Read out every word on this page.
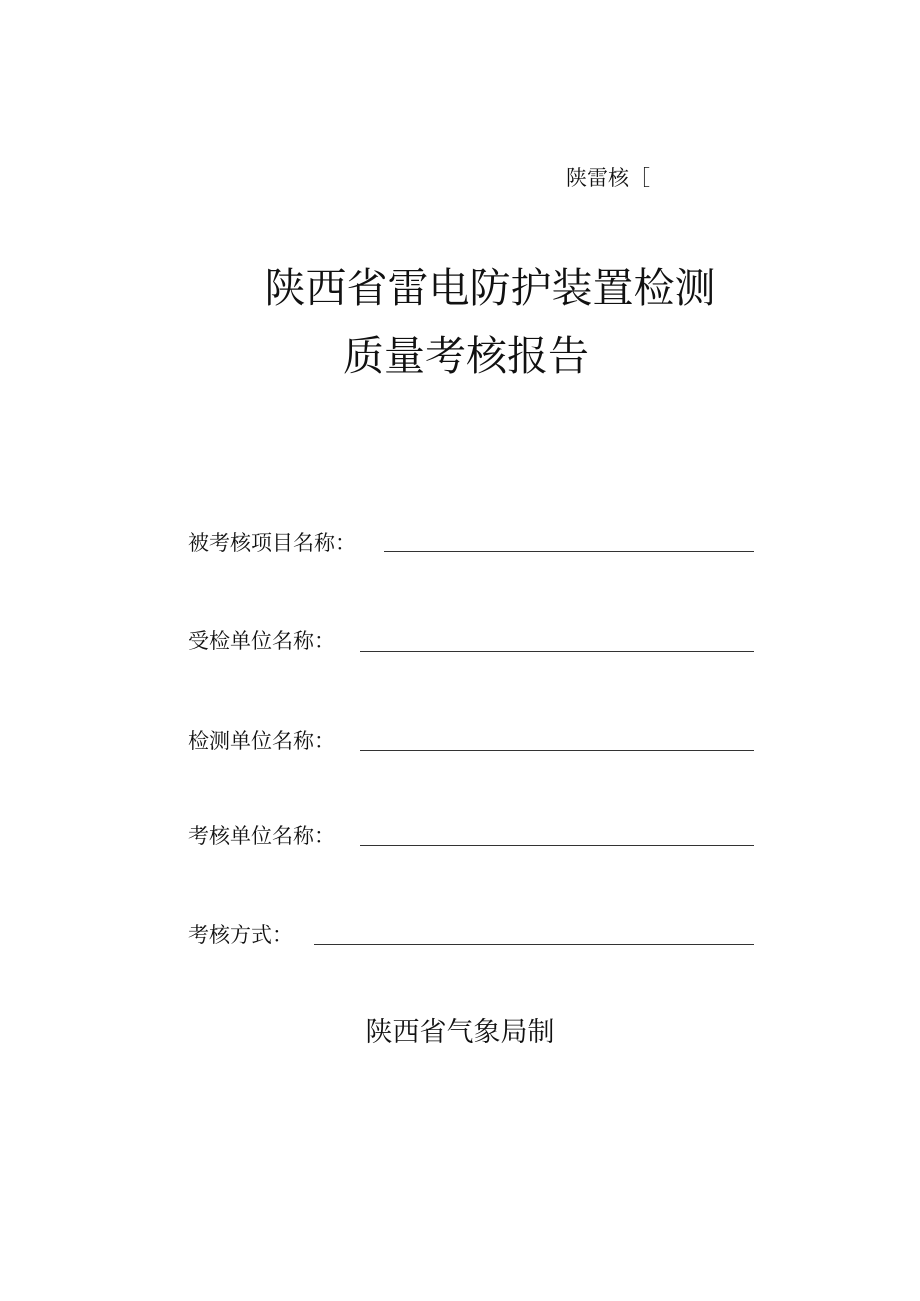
陕雷核［
陕西省雷电防护装置检测
质量考核报告
被考核项目名称：
受检单位名称：
检测单位名称：
考核单位名称：
考核方式：
陕西省气象局制
